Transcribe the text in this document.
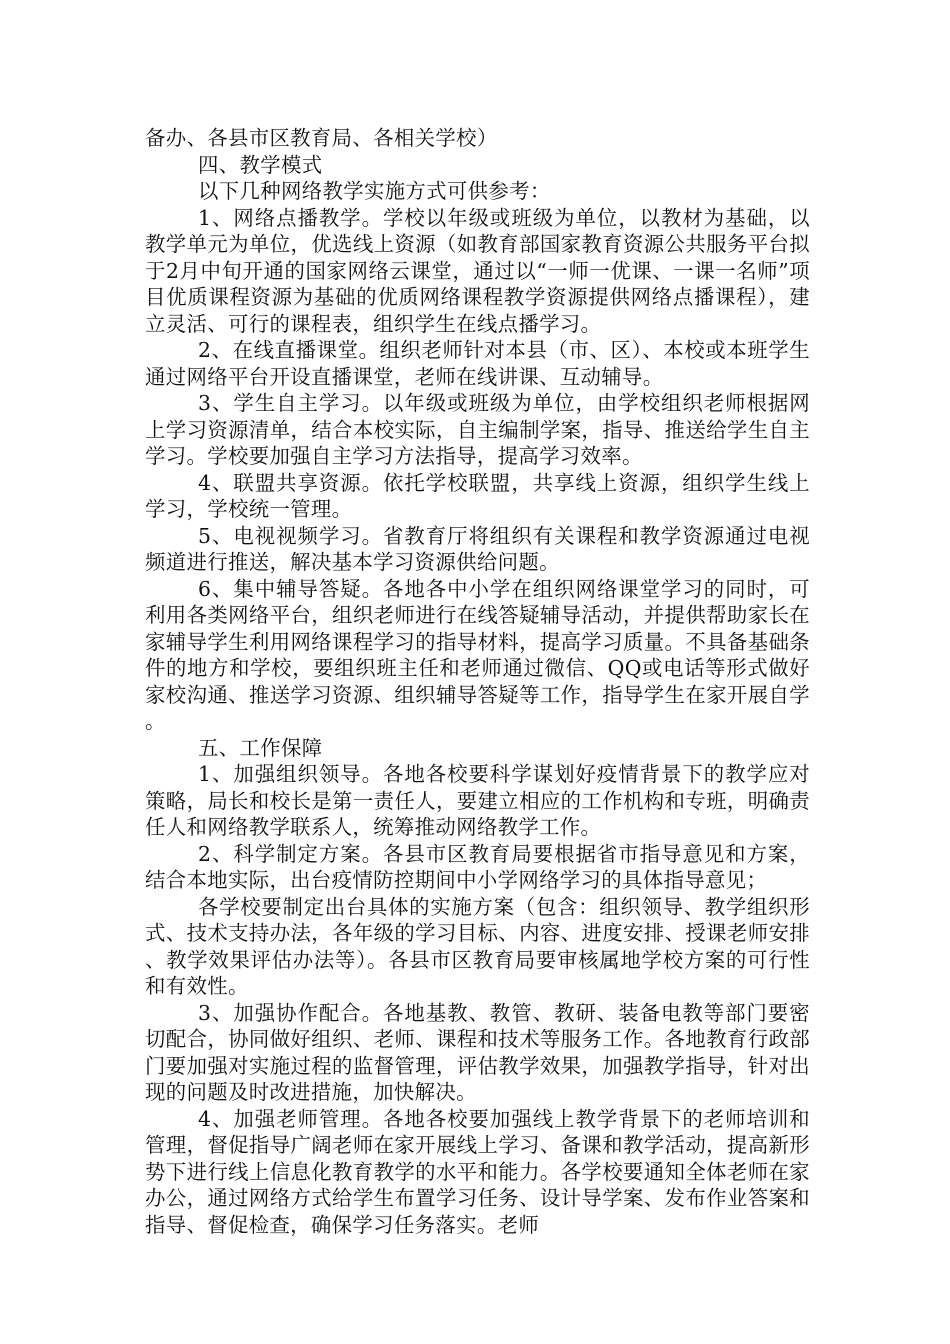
备办、各县市区教育局、各相关学校）

四、教学模式

以下几种网络教学实施方式可供参考：

1、网络点播教学。学校以年级或班级为单位，以教材为基础，以教学单元为单位，优选线上资源（如教育部国家教育资源公共服务平台拟于2月中旬开通的国家网络云课堂，通过以“一师一优课、一课一名师”项目优质课程资源为基础的优质网络课程教学资源提供网络点播课程），建立灵活、可行的课程表，组织学生在线点播学习。

2、在线直播课堂。组织老师针对本县（市、区）、本校或本班学生通过网络平台开设直播课堂，老师在线讲课、互动辅导。

3、学生自主学习。以年级或班级为单位，由学校组织老师根据网上学习资源清单，结合本校实际，自主编制学案，指导、推送给学生自主学习。学校要加强自主学习方法指导，提高学习效率。

4、联盟共享资源。依托学校联盟，共享线上资源，组织学生线上学习，学校统一管理。

5、电视视频学习。省教育厅将组织有关课程和教学资源通过电视频道进行推送，解决基本学习资源供给问题。

6、集中辅导答疑。各地各中小学在组织网络课堂学习的同时，可利用各类网络平台，组织老师进行在线答疑辅导活动，并提供帮助家长在家辅导学生利用网络课程学习的指导材料，提高学习质量。不具备基础条件的地方和学校，要组织班主任和老师通过微信、QQ或电话等形式做好家校沟通、推送学习资源、组织辅导答疑等工作，指导学生在家开展自学。

五、工作保障

1、加强组织领导。各地各校要科学谋划好疫情背景下的教学应对策略，局长和校长是第一责任人，要建立相应的工作机构和专班，明确责任人和网络教学联系人，统筹推动网络教学工作。

2、科学制定方案。各县市区教育局要根据省市指导意见和方案，结合本地实际，出台疫情防控期间中小学网络学习的具体指导意见；

各学校要制定出台具体的实施方案（包含：组织领导、教学组织形式、技术支持办法，各年级的学习目标、内容、进度安排、授课老师安排、教学效果评估办法等）。各县市区教育局要审核属地学校方案的可行性和有效性。

3、加强协作配合。各地基教、教管、教研、装备电教等部门要密切配合，协同做好组织、老师、课程和技术等服务工作。各地教育行政部门要加强对实施过程的监督管理，评估教学效果，加强教学指导，针对出现的问题及时改进措施，加快解决。

4、加强老师管理。各地各校要加强线上教学背景下的老师培训和管理，督促指导广阔老师在家开展线上学习、备课和教学活动，提高新形势下进行线上信息化教育教学的水平和能力。各学校要通知全体老师在家办公，通过网络方式给学生布置学习任务、设计导学案、发布作业答案和指导、督促检查，确保学习任务落实。老师
